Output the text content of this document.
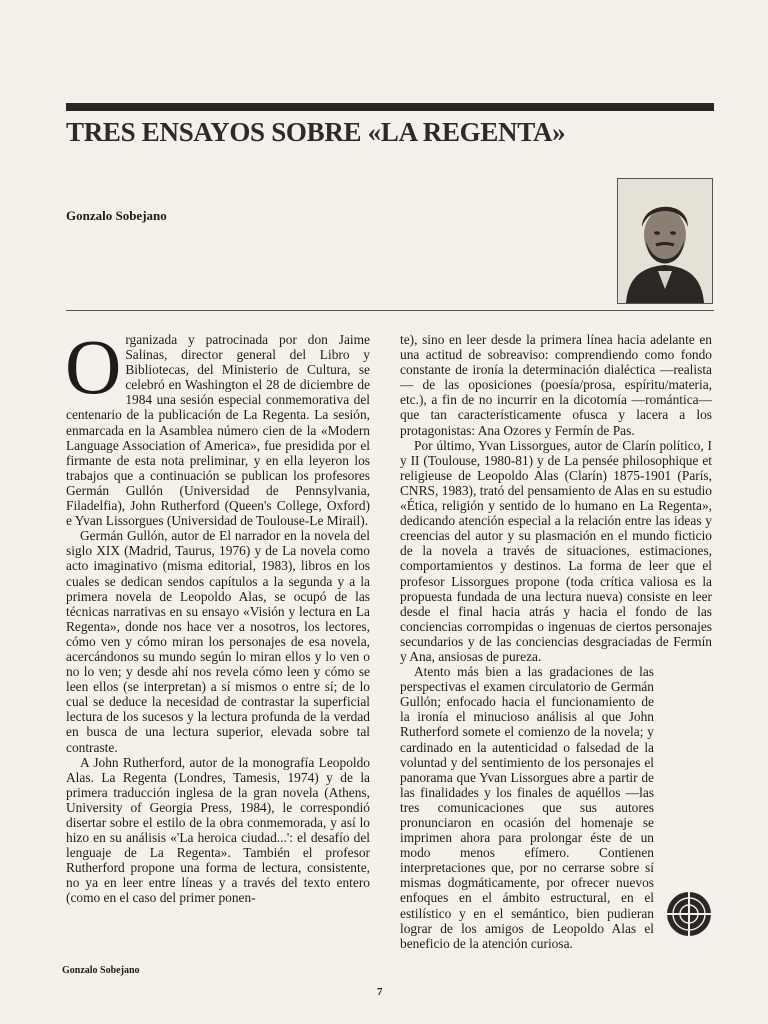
TRES ENSAYOS SOBRE «LA REGENTA»
Gonzalo Sobejano

Organizada y patrocinada por don Jaime Salinas, director general del Libro y Bibliotecas, del Ministerio de Cultura, se celebró en Washington el 28 de diciembre de 1984 una sesión especial conmemorativa del centenario de la publicación de La Regenta. La sesión, enmarcada en la Asamblea número cien de la «Modern Language Association of America», fue presidida por el firmante de esta nota preliminar, y en ella leyeron los trabajos que a continuación se publican los profesores Germán Gullón (Universidad de Pennsylvania, Filadelfia), John Rutherford (Queen's College, Oxford) e Yvan Lissorgues (Universidad de Toulouse-Le Mirail).

Germán Gullón, autor de El narrador en la novela del siglo XIX (Madrid, Taurus, 1976) y de La novela como acto imaginativo (misma editorial, 1983), libros en los cuales se dedican sendos capítulos a la segunda y a la primera novela de Leopoldo Alas, se ocupó de las técnicas narrativas en su ensayo «Visión y lectura en La Regenta», donde nos hace ver a nosotros, los lectores, cómo ven y cómo miran los personajes de esa novela, acercándonos su mundo según lo miran ellos y lo ven o no lo ven; y desde ahí nos revela cómo leen y cómo se leen ellos (se interpretan) a sí mismos o entre sí; de lo cual se deduce la necesidad de contrastar la superficial lectura de los sucesos y la lectura profunda de la verdad en busca de una lectura superior, elevada sobre tal contraste.

A John Rutherford, autor de la monografía Leopoldo Alas. La Regenta (Londres, Tamesis, 1974) y de la primera traducción inglesa de la gran novela (Athens, University of Georgia Press, 1984), le correspondió disertar sobre el estilo de la obra conmemorada, y así lo hizo en su análisis «'La heroica ciudad...': el desafío del lenguaje de La Regenta». También el profesor Rutherford propone una forma de lectura, consistente, no ya en leer entre líneas y a través del texto entero (como en el caso del primer ponen-

te), sino en leer desde la primera línea hacia adelante en una actitud de sobreaviso: comprendiendo como fondo constante de ironía la determinación dialéctica —realista— de las oposiciones (poesía/prosa, espíritu/materia, etc.), a fin de no incurrir en la dicotomía —romántica— que tan característicamente ofusca y lacera a los protagonistas: Ana Ozores y Fermín de Pas.

Por último, Yvan Lissorgues, autor de Clarín político, I y II (Toulouse, 1980-81) y de La pensée philosophique et religieuse de Leopoldo Alas (Clarín) 1875-1901 (París, CNRS, 1983), trató del pensamiento de Alas en su estudio «Ética, religión y sentido de lo humano en La Regenta», dedicando atención especial a la relación entre las ideas y creencias del autor y su plasmación en el mundo ficticio de la novela a través de situaciones, estimaciones, comportamientos y destinos. La forma de leer que el profesor Lissorgues propone (toda crítica valiosa es la propuesta fundada de una lectura nueva) consiste en leer desde el final hacia atrás y hacia el fondo de las conciencias corrompidas o ingenuas de ciertos personajes secundarios y de las conciencias desgraciadas de Fermín y Ana, ansiosas de pureza.

Atento más bien a las gradaciones de las perspectivas el examen circulatorio de Germán Gullón; enfocado hacia el funcionamiento de la ironía el minucioso análisis al que John Rutherford somete el comienzo de la novela; y cardinado en la autenticidad o falsedad de la voluntad y del sentimiento de los personajes el panorama que Yvan Lissorgues abre a partir de las finalidades y los finales de aquéllos —las tres comunicaciones que sus autores pronunciaron en ocasión del homenaje se imprimen ahora para prolongar éste de un modo menos efímero. Contienen interpretaciones que, por no cerrarse sobre sí mismas dogmáticamente, por ofrecer nuevos enfoques en el ámbito estructural, en el estilístico y en el semántico, bien pudieran lograr de los amigos de Leopoldo Alas el beneficio de la atención curiosa.

Gonzalo Sobejano
7
